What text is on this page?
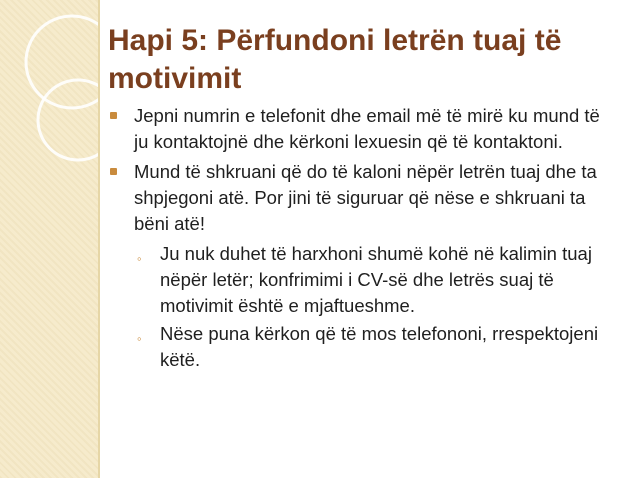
Hapi 5: Përfundoni letrën tuaj të motivimit
Jepni numrin e telefonit dhe email më të mirë ku mund të ju kontaktojnë dhe kërkoni lexuesin që të kontaktoni.
Mund të shkruani që do të kaloni nëpër letrën tuaj dhe ta shpjegoni atë. Por jini të siguruar që nëse e shkruani ta bëni atë!
◦ Ju nuk duhet të harxhoni shumë kohë në kalimin tuaj nëpër letër; konfrimimi i CV-së dhe letrës suaj të motivimit është e mjaftueshme.
◦ Nëse puna kërkon që të mos telefononi, rrespektojeni këtë.
